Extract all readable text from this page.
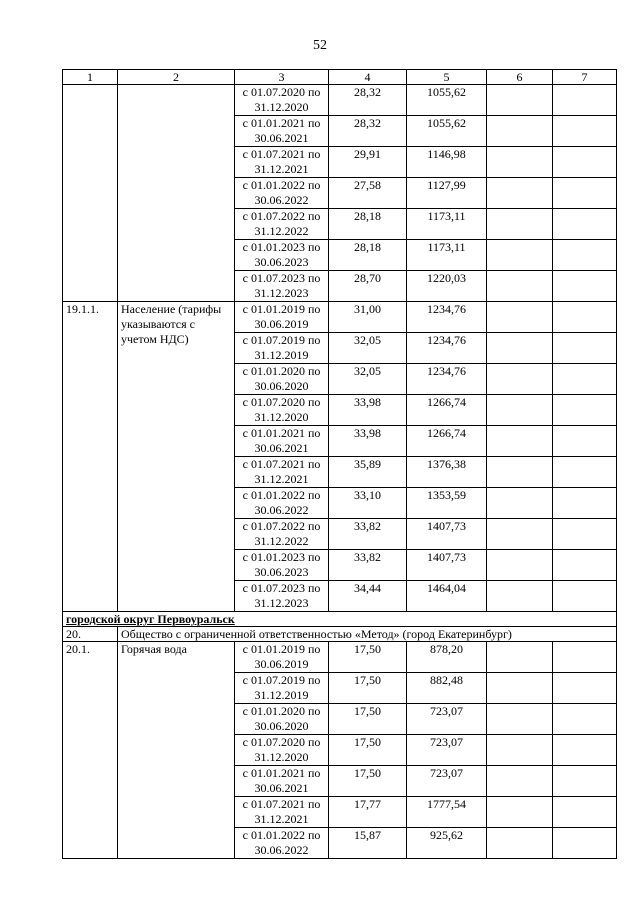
52
1	2	3	4	5	6	7
		с 01.07.2020 по 31.12.2020	28,32	1055,62		
		с 01.01.2021 по 30.06.2021	28,32	1055,62		
		с 01.07.2021 по 31.12.2021	29,91	1146,98		
		с 01.01.2022 по 30.06.2022	27,58	1127,99		
		с 01.07.2022 по 31.12.2022	28,18	1173,11		
		с 01.01.2023 по 30.06.2023	28,18	1173,11		
		с 01.07.2023 по 31.12.2023	28,70	1220,03		
19.1.1.	Население (тарифы указываются с учетом НДС)	с 01.01.2019 по 30.06.2019	31,00	1234,76		
		с 01.07.2019 по 31.12.2019	32,05	1234,76		
		с 01.01.2020 по 30.06.2020	32,05	1234,76		
		с 01.07.2020 по 31.12.2020	33,98	1266,74		
		с 01.01.2021 по 30.06.2021	33,98	1266,74		
		с 01.07.2021 по 31.12.2021	35,89	1376,38		
		с 01.01.2022 по 30.06.2022	33,10	1353,59		
		с 01.07.2022 по 31.12.2022	33,82	1407,73		
		с 01.01.2023 по 30.06.2023	33,82	1407,73		
		с 01.07.2023 по 31.12.2023	34,44	1464,04		
городской округ Первоуральск						
20.	Общество с ограниченной ответственностью «Метод» (город Екатеринбург)					
20.1.	Горячая вода	с 01.01.2019 по 30.06.2019	17,50	878,20		
		с 01.07.2019 по 31.12.2019	17,50	882,48		
		с 01.01.2020 по 30.06.2020	17,50	723,07		
		с 01.07.2020 по 31.12.2020	17,50	723,07		
		с 01.01.2021 по 30.06.2021	17,50	723,07		
		с 01.07.2021 по 31.12.2021	17,77	1777,54		
		с 01.01.2022 по 30.06.2022	15,87	925,62		
